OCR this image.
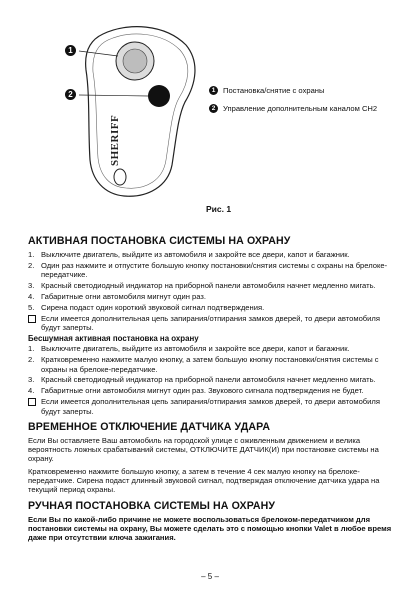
SHERIFF
1
2	1	Постановка/снятие с охраны
2	Управление дополнительным каналом СН2
Рис. 1
АКТИВНАЯ ПОСТАНОВКА СИСТЕМЫ НА ОХРАНУ
1. Выключите двигатель, выйдите из автомобиля и закройте все двери, капот и багажник.
2. Один раз нажмите и отпустите большую кнопку постановки/снятия системы с охраны на брелоке-передатчике.
3. Красный светодиодный индикатор на приборной панели автомобиля начнет медленно мигать.
4. Габаритные огни автомобиля мигнут один раз.
5. Сирена подаст один короткий звуковой сигнал подтверждения.
Если имеется дополнительная цепь запирания/отпирания замков дверей, то двери автомобиля будут заперты.
Бесшумная активная постановка на охрану
1. Выключите двигатель, выйдите из автомобиля и закройте все двери, капот и багажник.
2. Кратковременно нажмите малую кнопку, а затем большую кнопку постановки/снятия системы с охраны на брелоке-передатчике.
3. Красный светодиодный индикатор на приборной панели автомобиля начнет медленно мигать.
4. Габаритные огни автомобиля мигнут один раз. Звукового сигнала подтверждения не будет.
Если имеется дополнительная цепь запирания/отпирания замков дверей, то двери автомобиля будут заперты.
ВРЕМЕННОЕ ОТКЛЮЧЕНИЕ ДАТЧИКА УДАРА

Если Вы оставляете Ваш автомобиль на городской улице с оживленным движением и велика вероятность ложных срабатываний системы, ОТКЛЮЧИТЕ ДАТЧИК(И) при постановке системы на охрану.

Кратковременно нажмите большую кнопку, а затем в течение 4 сек малую кнопку на брелоке-передатчике. Сирена подаст длинный звуковой сигнал, подтверждая отключение датчика удара на текущий период охраны.

РУЧНАЯ ПОСТАНОВКА СИСТЕМЫ НА ОХРАНУ

Если Вы по какой-либо причине не можете воспользоваться брелоком-передатчиком для постановки системы на охрану, Вы можете сделать это с помощью кнопки Valet в любое время даже при отсутствии ключа зажигания.

– 5 –
